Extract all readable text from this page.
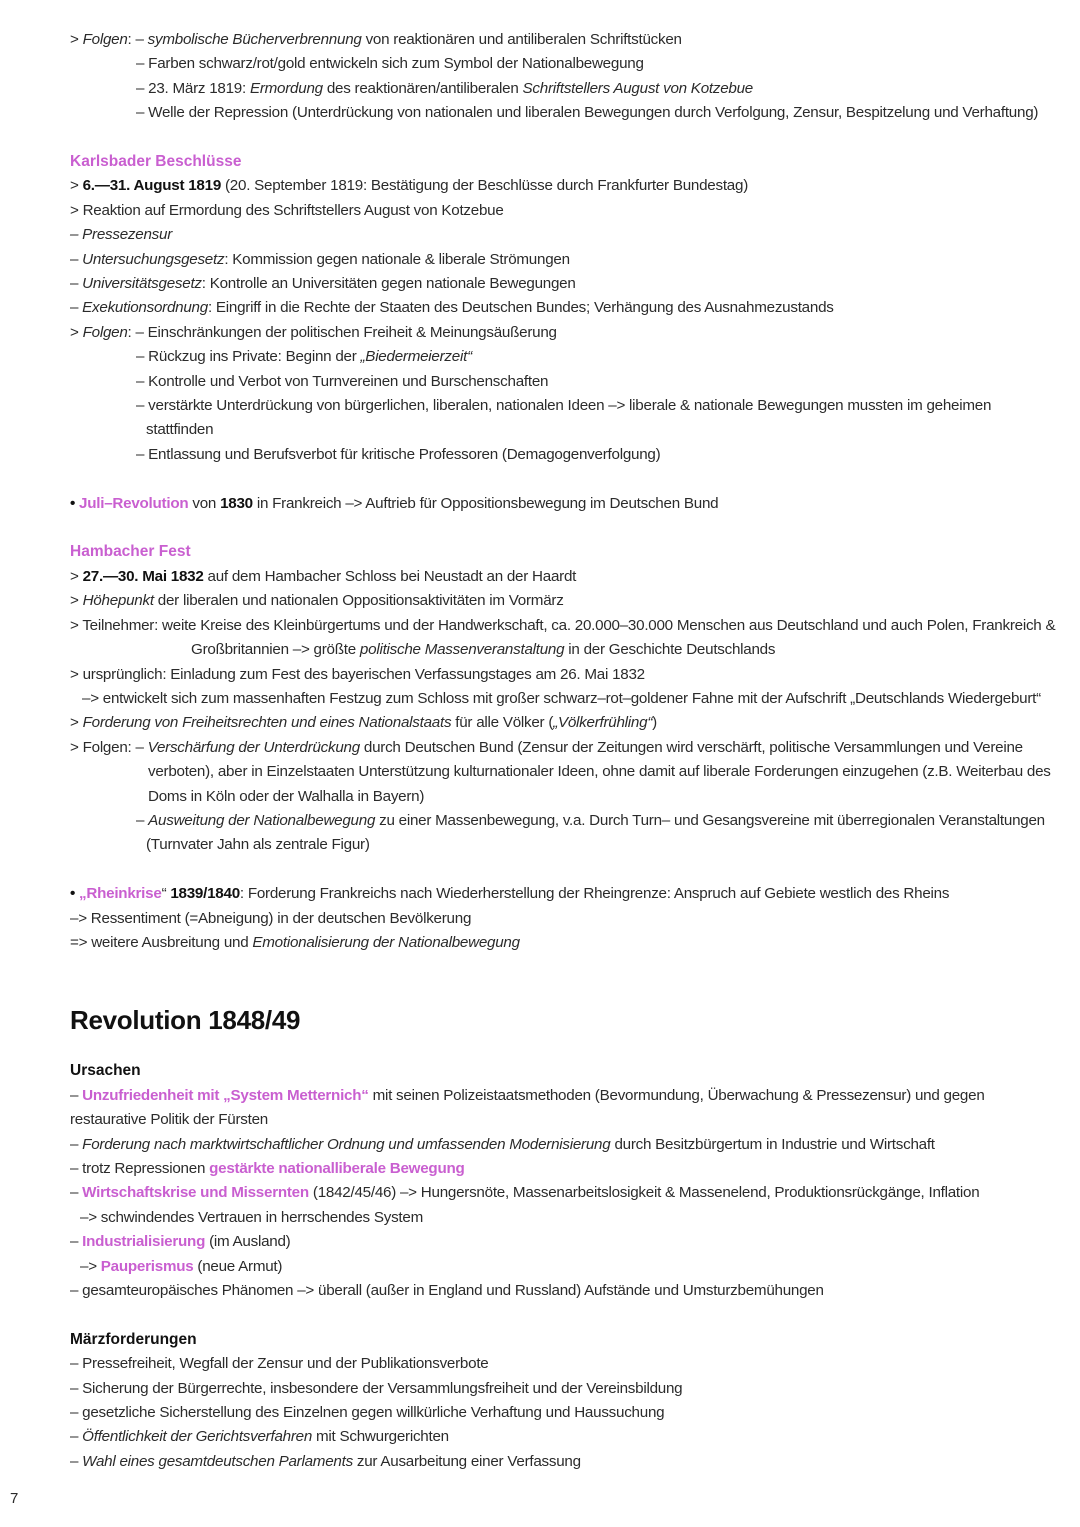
> Folgen: – symbolische Bücherverbrennung von reaktionären und antiliberalen Schriftstücken
– Farben schwarz/rot/gold entwickeln sich zum Symbol der Nationalbewegung
– 23. März 1819: Ermordung des reaktionären/antiliberalen Schriftstellers August von Kotzebue
– Welle der Repression (Unterdrückung von nationalen und liberalen Bewegungen durch Verfolgung, Zensur, Bespitzelung und Verhaftung)
Karlsbader Beschlüsse
> 6.—31. August 1819 (20. September 1819: Bestätigung der Beschlüsse durch Frankfurter Bundestag)
> Reaktion auf Ermordung des Schriftstellers August von Kotzebue
– Pressezensur
– Untersuchungsgesetz: Kommission gegen nationale & liberale Strömungen
– Universitätsgesetz: Kontrolle an Universitäten gegen nationale Bewegungen
– Exekutionsordnung: Eingriff in die Rechte der Staaten des Deutschen Bundes; Verhängung des Ausnahmezustands
> Folgen: – Einschränkungen der politischen Freiheit & Meinungsäußerung
– Rückzug ins Private: Beginn der „Biedermeierzeit“
– Kontrolle und Verbot von Turnvereinen und Burschenschaften
– verstärkte Unterdrückung von bürgerlichen, liberalen, nationalen Ideen –> liberale & nationale Bewegungen mussten im geheimen
stattfinden
– Entlassung und Berufsverbot für kritische Professoren (Demagogenverfolgung)
• Juli–Revolution von 1830 in Frankreich –> Auftrieb für Oppositionsbewegung im Deutschen Bund
Hambacher Fest
> 27.—30. Mai 1832 auf dem Hambacher Schloss bei Neustadt an der Haardt
> Höhepunkt der liberalen und nationalen Oppositionsaktivitäten im Vormärz
> Teilnehmer: weite Kreise des Kleinbürgertums und der Handwerkschaft, ca. 20.000–30.000 Menschen aus Deutschland und auch Polen, Frankreich &
Großbritannien –> größte politische Massenveranstaltung in der Geschichte Deutschlands
> ursprünglich: Einladung zum Fest des bayerischen Verfassungstages am 26. Mai 1832
–> entwickelt sich zum massenhaften Festzug zum Schloss mit großer schwarz–rot–goldener Fahne mit der Aufschrift „Deutschlands Wiedergeburt“
> Forderung von Freiheitsrechten und eines Nationalstaats für alle Völker („Völkerfrühling“)
> Folgen: – Verschärfung der Unterdrückung durch Deutschen Bund (Zensur der Zeitungen wird verschärft, politische Versammlungen und Vereine
verboten), aber in Einzelstaaten Unterstützung kulturnationaler Ideen, ohne damit auf liberale Forderungen einzugehen (z.B. Weiterbau des
Doms in Köln oder der Walhalla in Bayern)
– Ausweitung der Nationalbewegung zu einer Massenbewegung, v.a. Durch Turn– und Gesangsvereine mit überregionalen Veranstaltungen
(Turnvater Jahn als zentrale Figur)
• „Rheinkrise“ 1839/1840: Forderung Frankreichs nach Wiederherstellung der Rheingrenze: Anspruch auf Gebiete westlich des Rheins
–> Ressentiment (=Abneigung) in der deutschen Bevölkerung
=> weitere Ausbreitung und Emotionalisierung der Nationalbewegung
Revolution 1848/49
Ursachen
– Unzufriedenheit mit „System Metternich“ mit seinen Polizeistaatsmethoden (Bevormundung, Überwachung & Pressezensur) und gegen
restaurative Politik der Fürsten
– Forderung nach marktwirtschaftlicher Ordnung und umfassenden Modernisierung durch Besitzbürgertum in Industrie und Wirtschaft
– trotz Repressionen gestärkte nationalliberale Bewegung
– Wirtschaftskrise und Missernten (1842/45/46) –> Hungersnöte, Massenarbeitslosigkeit & Massenelend, Produktionsrückgänge, Inflation
–> schwindendes Vertrauen in herrschendes System
– Industrialisierung (im Ausland)
–> Pauperismus (neue Armut)
– gesamteuropäisches Phänomen –> überall (außer in England und Russland) Aufstände und Umsturzbemühungen
Märzforderungen
– Pressefreiheit, Wegfall der Zensur und der Publikationsverbote
– Sicherung der Bürgerrechte, insbesondere der Versammlungsfreiheit und der Vereinsbildung
– gesetzliche Sicherstellung des Einzelnen gegen willkürliche Verhaftung und Haussuchung
– Öffentlichkeit der Gerichtsverfahren mit Schwurgerichten
– Wahl eines gesamtdeutschen Parlaments zur Ausarbeitung einer Verfassung
7
